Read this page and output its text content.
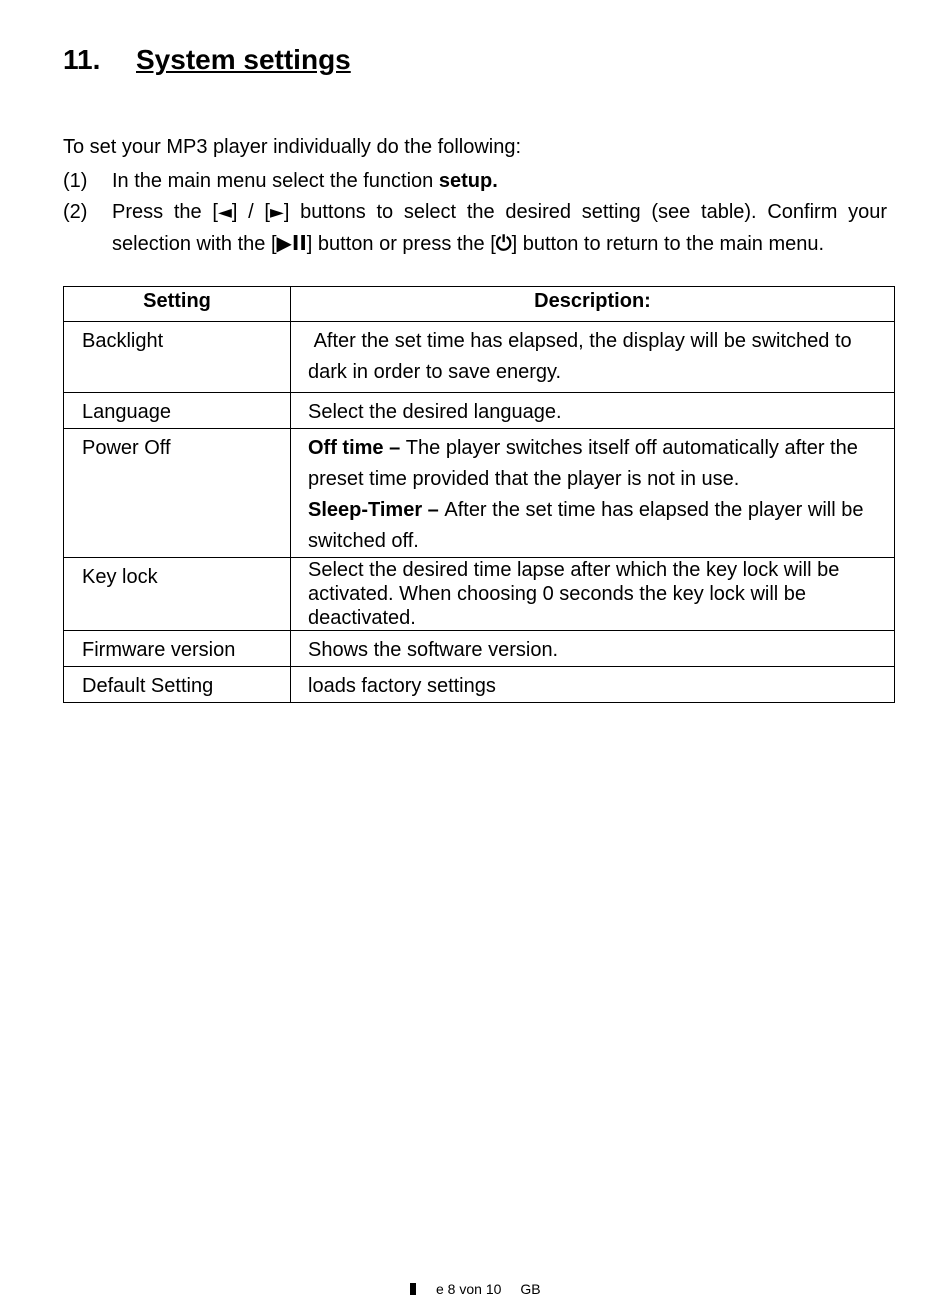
11.	System settings

To set your MP3 player individually do the following:

(1)	In the main menu select the function setup.
(2)	Press the [◄] / [►] buttons to select the desired setting (see table). Confirm your selection with the [▶II] button or press the [⏻] button to return to the main menu.
Setting	Description:
Backlight	After the set time has elapsed, the display will be switched to dark in order to save energy.
Language	Select the desired language.
Power Off	Off time – The player switches itself off automatically after the preset time provided that the player is not in use.
Sleep-Timer – After the set time has elapsed the player will be switched off.

Key lock	Select the desired time lapse after which the key lock will be activated. When choosing 0 seconds the key lock will be deactivated.
Firmware version	Shows the software version.
Default Setting	loads factory settings
e 8 von 10 GB
